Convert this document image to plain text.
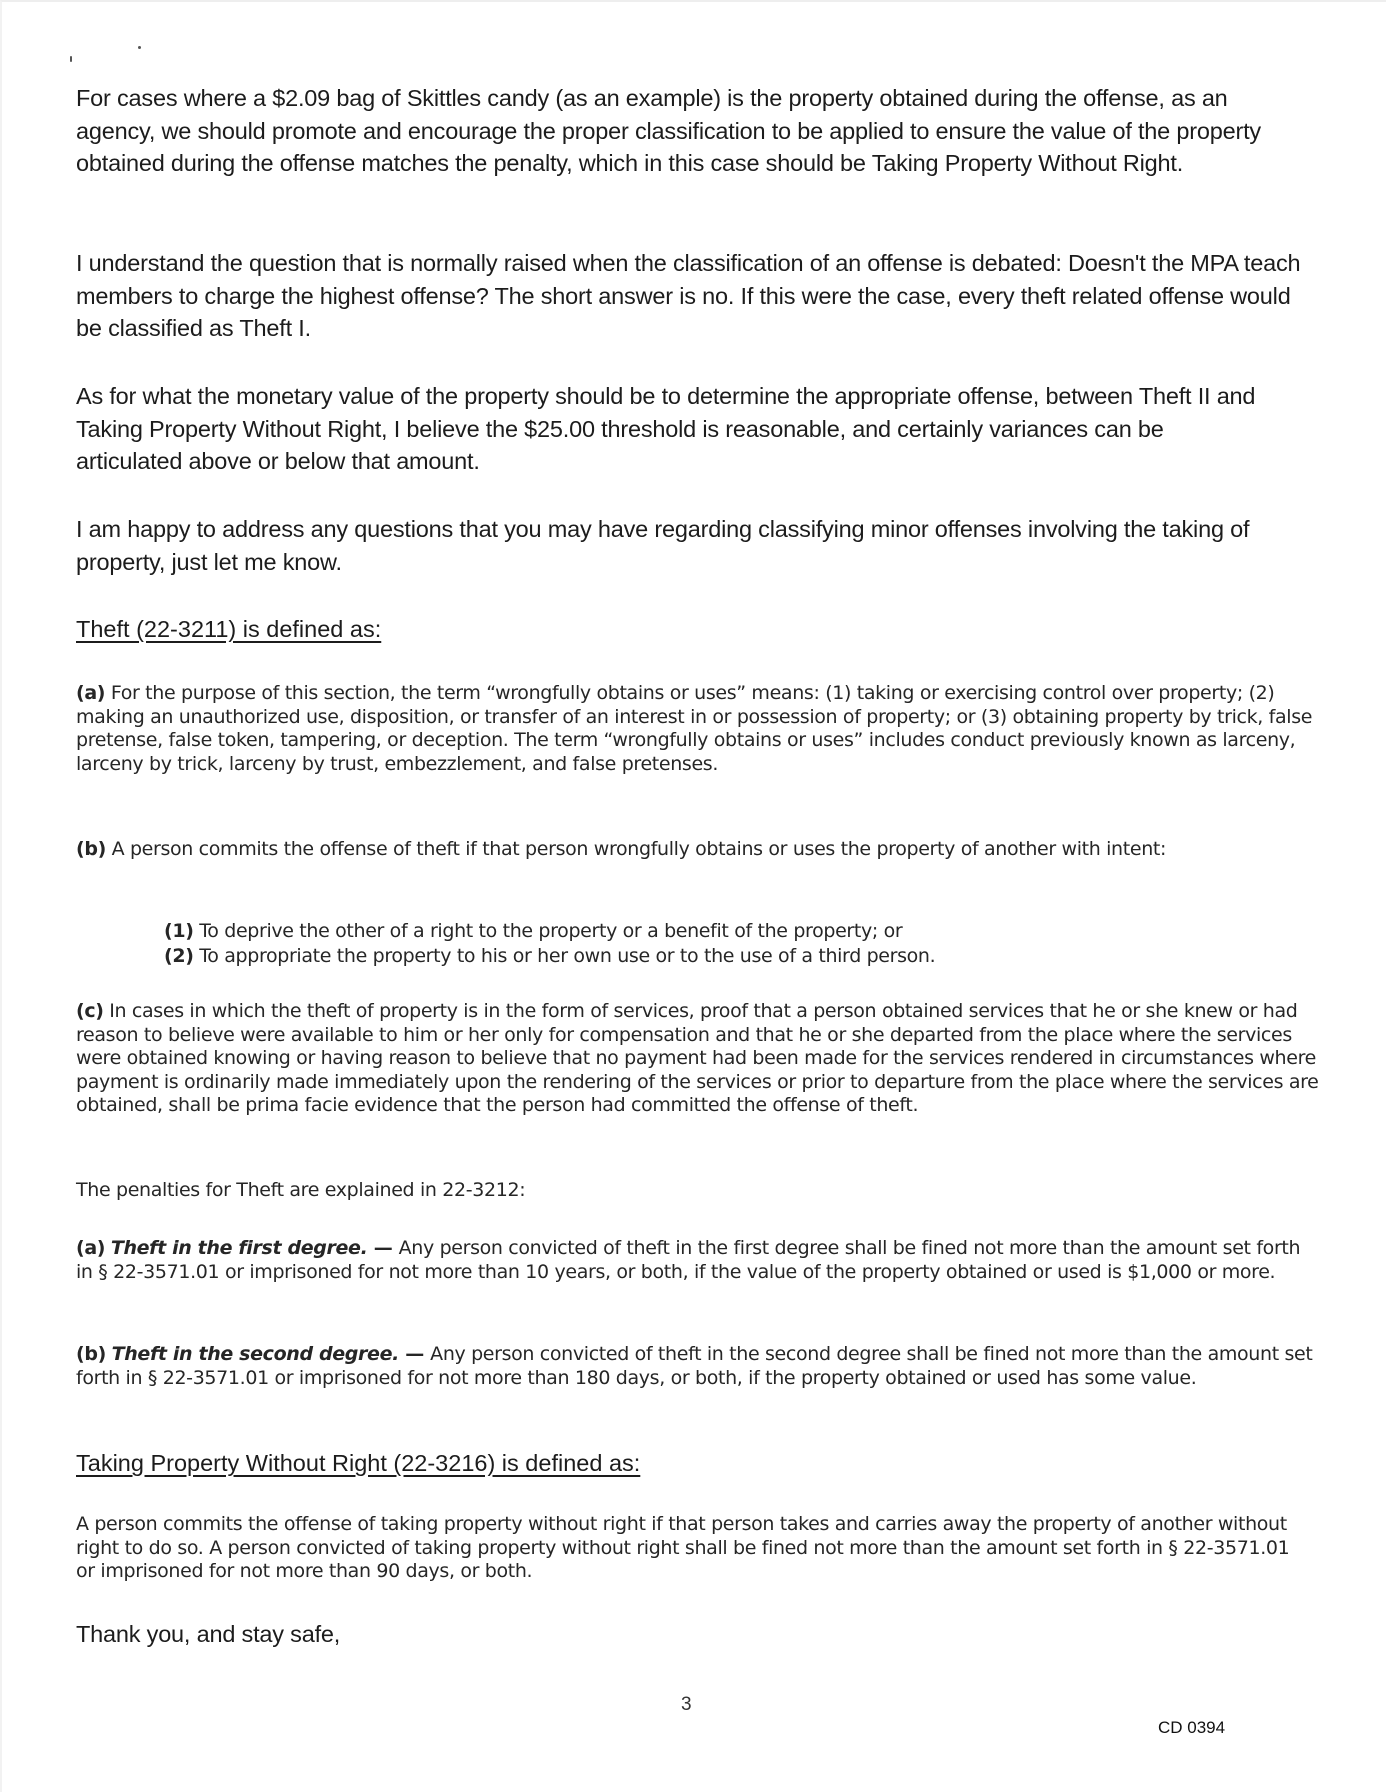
For cases where a $2.09 bag of Skittles candy (as an example) is the property obtained during the offense, as an agency, we should promote and encourage the proper classification to be applied to ensure the value of the property obtained during the offense matches the penalty, which in this case should be Taking Property Without Right.

I understand the question that is normally raised when the classification of an offense is debated: Doesn't the MPA teach members to charge the highest offense? The short answer is no. If this were the case, every theft related offense would be classified as Theft I.

As for what the monetary value of the property should be to determine the appropriate offense, between Theft II and Taking Property Without Right, I believe the $25.00 threshold is reasonable, and certainly variances can be articulated above or below that amount.

I am happy to address any questions that you may have regarding classifying minor offenses involving the taking of property, just let me know.

Theft (22-3211) is defined as:

(a) For the purpose of this section, the term “wrongfully obtains or uses” means: (1) taking or exercising control over property; (2) making an unauthorized use, disposition, or transfer of an interest in or possession of property; or (3) obtaining property by trick, false pretense, false token, tampering, or deception. The term “wrongfully obtains or uses” includes conduct previously known as larceny, larceny by trick, larceny by trust, embezzlement, and false pretenses.

(b) A person commits the offense of theft if that person wrongfully obtains or uses the property of another with intent:

(1) To deprive the other of a right to the property or a benefit of the property; or

(2) To appropriate the property to his or her own use or to the use of a third person.

(c) In cases in which the theft of property is in the form of services, proof that a person obtained services that he or she knew or had reason to believe were available to him or her only for compensation and that he or she departed from the place where the services were obtained knowing or having reason to believe that no payment had been made for the services rendered in circumstances where payment is ordinarily made immediately upon the rendering of the services or prior to departure from the place where the services are obtained, shall be prima facie evidence that the person had committed the offense of theft.

The penalties for Theft are explained in 22-3212:

(a) Theft in the first degree. — Any person convicted of theft in the first degree shall be fined not more than the amount set forth in § 22-3571.01 or imprisoned for not more than 10 years, or both, if the value of the property obtained or used is $1,000 or more.

(b) Theft in the second degree. — Any person convicted of theft in the second degree shall be fined not more than the amount set forth in § 22-3571.01 or imprisoned for not more than 180 days, or both, if the property obtained or used has some value.

Taking Property Without Right (22-3216) is defined as:

A person commits the offense of taking property without right if that person takes and carries away the property of another without right to do so. A person convicted of taking property without right shall be fined not more than the amount set forth in § 22-3571.01 or imprisoned for not more than 90 days, or both.

Thank you, and stay safe,

3
CD 0394
